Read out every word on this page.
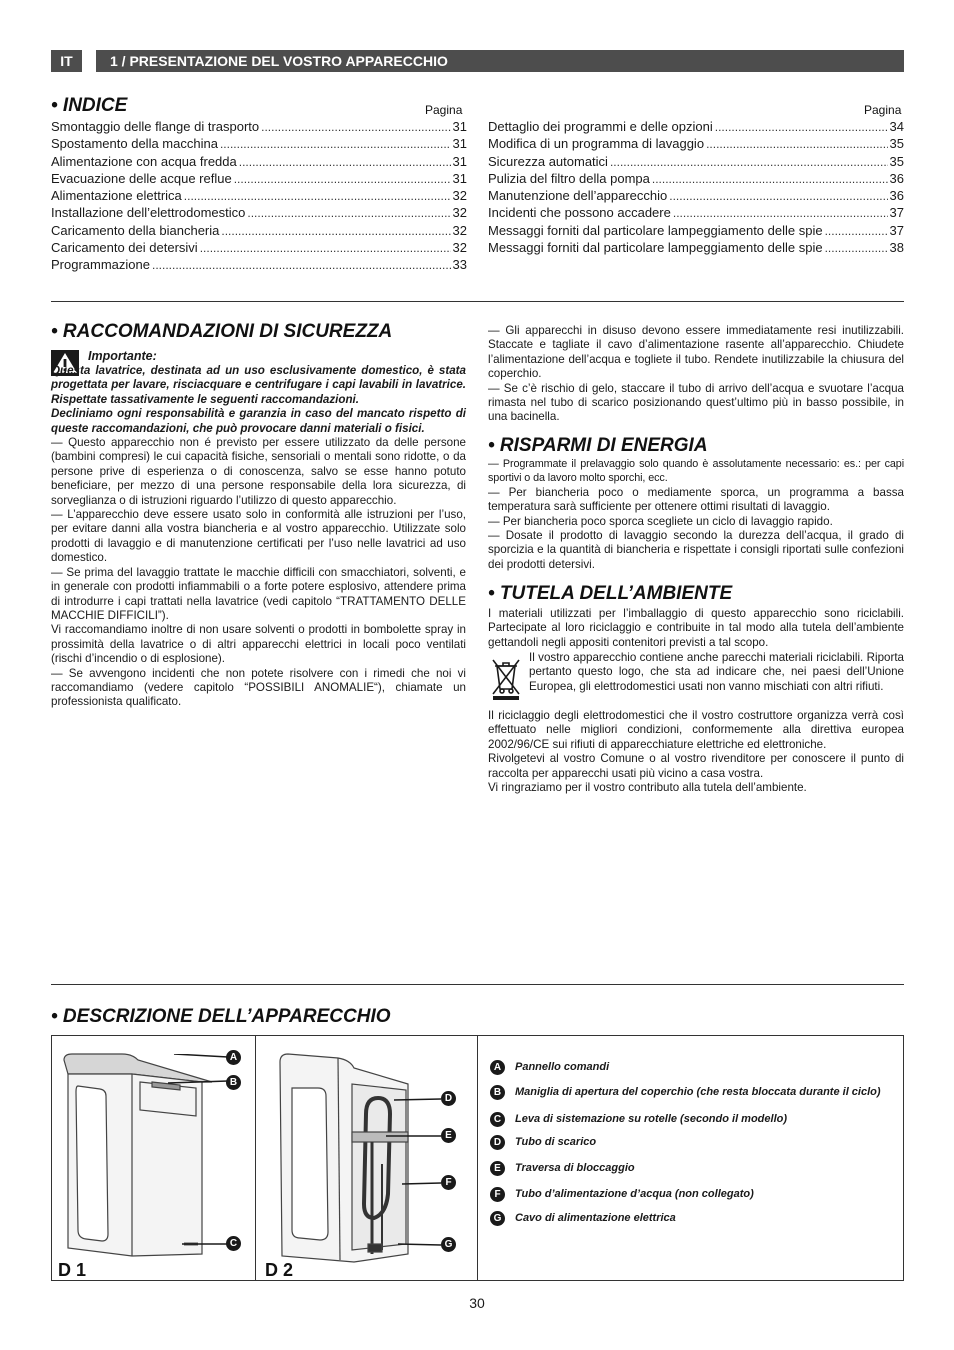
IT	1 / PRESENTAZIONE DEL VOSTRO APPARECCHIO
• INDICE	Pagina	Pagina
Smontaggio delle flange di trasporto .....	31
Spostamento della macchina .....	31
Alimentazione con acqua fredda .....	31
Evacuazione delle acque reflue .....	31
Alimentazione elettrica .....	32
Installazione dell’elettrodomestico .....	32
Caricamento della biancheria .....	32
Caricamento dei detersivi .....	32
Programmazione .....	33
Dettaglio dei programmi e delle opzioni .....	34
Modifica di un programma di lavaggio .....	35
Sicurezza automatici .....	35
Pulizia del filtro della pompa .....	36
Manutenzione dell’apparecchio .....	36
Incidenti che possono accadere .....	37
Messaggi forniti dal particolare lampeggiamento delle spie .....	37
Messaggi forniti dal particolare lampeggiamento delle spie .....	38
• RACCOMANDAZIONI DI SICUREZZA
Importante:

Questa lavatrice, destinata ad un uso esclusivamente domestico, è stata progettata per lavare, risciacquare e centrifugare i capi lavabili in lavatrice. Rispettate tassativamente le seguenti raccomandazioni.

Decliniamo ogni responsabilità e garanzia in caso del mancato rispetto di queste raccomandazioni, che può provocare danni materiali o fisici.

— Questo apparecchio non é previsto per essere utilizzato da delle persone (bambini compresi) le cui capacità fisiche, sensoriali o mentali sono ridotte, o da persone prive di esperienza o di conoscenza, salvo se esse hanno potuto beneficiare, per mezzo di una persone responsabile della lora sicurezza, di sorveglianza o di istruzioni riguardo l’utilizzo di questo apparecchio.

— L’apparecchio deve essere usato solo in conformità alle istruzioni per l’uso, per evitare danni alla vostra biancheria e al vostro apparecchio. Utilizzate solo prodotti di lavaggio e di manutenzione certificati per l’uso nelle lavatrici ad uso domestico.

— Se prima del lavaggio trattate le macchie difficili con smacchiatori, solventi, e in generale con prodotti infiammabili o a forte potere esplosivo, attendere prima di introdurre i capi trattati nella lavatrice (vedi capitolo “TRATTAMENTO DELLE MACCHIE DIFFICILI”).

Vi raccomandiamo inoltre di non usare solventi o prodotti in bombolette spray in prossimità della lavatrice o di altri apparecchi elettrici in locali poco ventilati (rischi d’incendio o di esplosione).

— Se avvengono incidenti che non potete risolvere con i rimedi che noi vi raccomandiamo (vedere capitolo “POSSIBILI ANOMALIE“), chiamate un professionista qualificato.

— Gli apparecchi in disuso devono essere immediatamente resi inutilizzabili. Staccate e tagliate il cavo d’alimentazione rasente all’apparecchio. Chiudete l’alimentazione dell’acqua e togliete il tubo. Rendete inutilizzabile la chiusura del coperchio.

— Se c’è rischio di gelo, staccare il tubo di arrivo dell’acqua e svuotare l’acqua rimasta nel tubo di scarico posizionando quest’ultimo più in basso possibile, in una bacinella.

• RISPARMI DI ENERGIA

— Programmate il prelavaggio solo quando è assolutamente necessario: es.: per capi sportivi o da lavoro molto sporchi, ecc.

— Per biancheria poco o mediamente sporca, un programma a bassa temperatura sarà sufficiente per ottenere ottimi risultati di lavaggio.

— Per biancheria poco sporca scegliete un ciclo di lavaggio rapido.

— Dosate il prodotto di lavaggio secondo la durezza dell’acqua, il grado di sporcizia e la quantità di biancheria e rispettate i consigli riportati sulle confezioni dei prodotti detersivi.

• TUTELA DELL’AMBIENTE

I materiali utilizzati per l’imballaggio di questo apparecchio sono riciclabili. Partecipate al loro riciclaggio e contribuite in tal modo alla tutela dell’ambiente gettandoli negli appositi contenitori previsti a tal scopo.

Il vostro apparecchio contiene anche parecchi materiali riciclabili. Riporta pertanto questo logo, che sta ad indicare che, nei paesi dell’Unione Europea, gli elettrodomestici usati non vanno mischiati con altri rifiuti.

Il riciclaggio degli elettrodomestici che il vostro costruttore organizza verrà così effettuato nelle migliori condizioni, conformemente alla direttiva europea 2002/96/CE sui rifiuti di apparecchiature elettriche ed elettroniche.

Rivolgetevi al vostro Comune o al vostro rivenditore per conoscere il punto di raccolta per apparecchi usati più vicino a casa vostra.

Vi ringraziamo per il vostro contributo alla tutela dell’ambiente.

• DESCRIZIONE DELL’APPARECCHIO
A
B
C
D 1
D
E
F
G
D 2
A	Pannello comandi
B	Maniglia di apertura del coperchio (che resta bloccata durante il ciclo)
C	Leva di sistemazione su rotelle (secondo il modello)
D	Tubo di scarico
E	Traversa di bloccaggio
F	Tubo d’alimentazione d’acqua (non collegato)
G	Cavo di alimentazione elettrica
30
